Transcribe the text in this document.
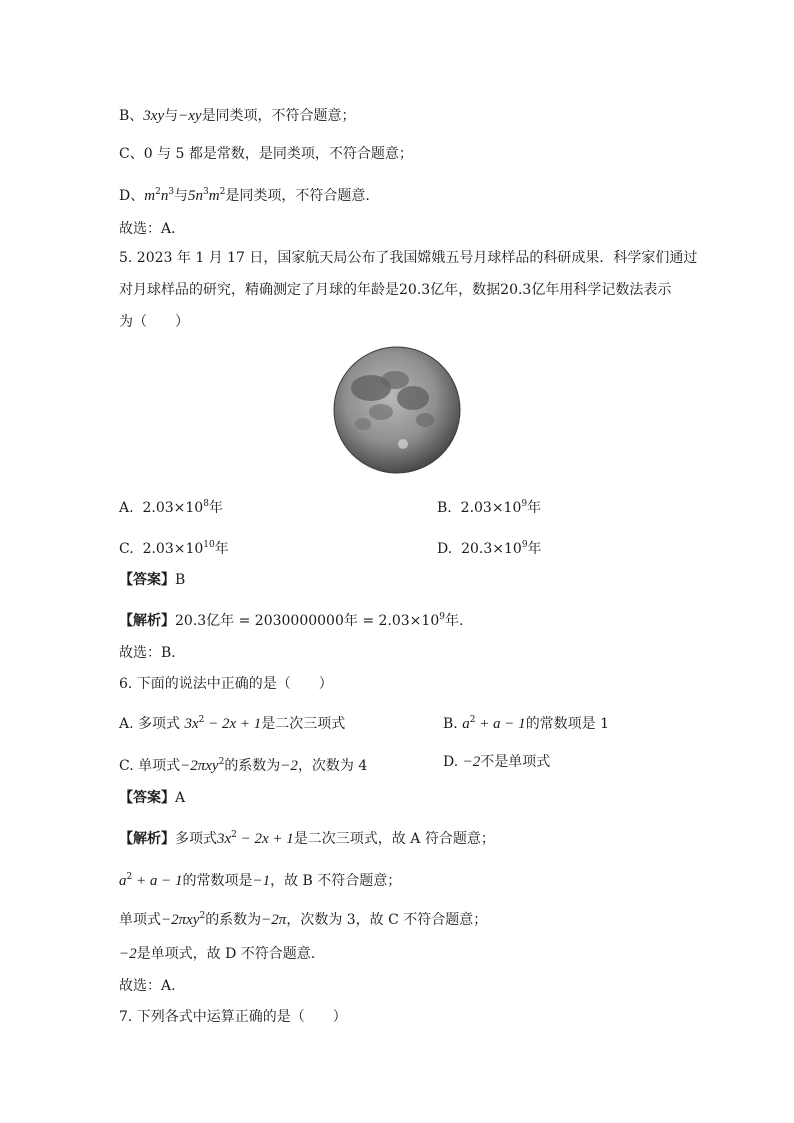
B、3xy与−xy是同类项，不符合题意；
C、0 与 5 都是常数，是同类项，不符合题意；
D、$m^2n^3$与$5n^3m^2$是同类项，不符合题意.
故选：A．
5. 2023 年 1 月 17 日，国家航天局公布了我国嫦娥五号月球样品的科研成果．科学家们通过
对月球样品的研究，精确测定了月球的年龄是20.3亿年，数据20.3亿年用科学记数法表示
为（　　）
A. $2.03\times 10^8$年	B. $2.03\times 10^9$年
C. $2.03\times 10^{10}$年	D. $20.3\times 10^9$年
【答案】B
【解析】20.3亿年 = 2030000000年 = $2.03\times 10^9$年.
故选：B．
6. 下面的说法中正确的是（　　）
A. 多项式 $3x^2 - 2x + 1$是二次三项式	B. $a^2 + a - 1$的常数项是 1
C. 单项式−2πxy$^2$的系数为−2，次数为 4	D. −2不是单项式
【答案】A
【解析】多项式$3x^2 - 2x + 1$是二次三项式，故 A 符合题意；
$a^2 + a - 1$的常数项是−1，故 B 不符合题意；
单项式−2πxy$^2$的系数为−2π，次数为 3，故 C 不符合题意；
−2是单项式，故 D 不符合题意.
故选：A.
7. 下列各式中运算正确的是（　　）
